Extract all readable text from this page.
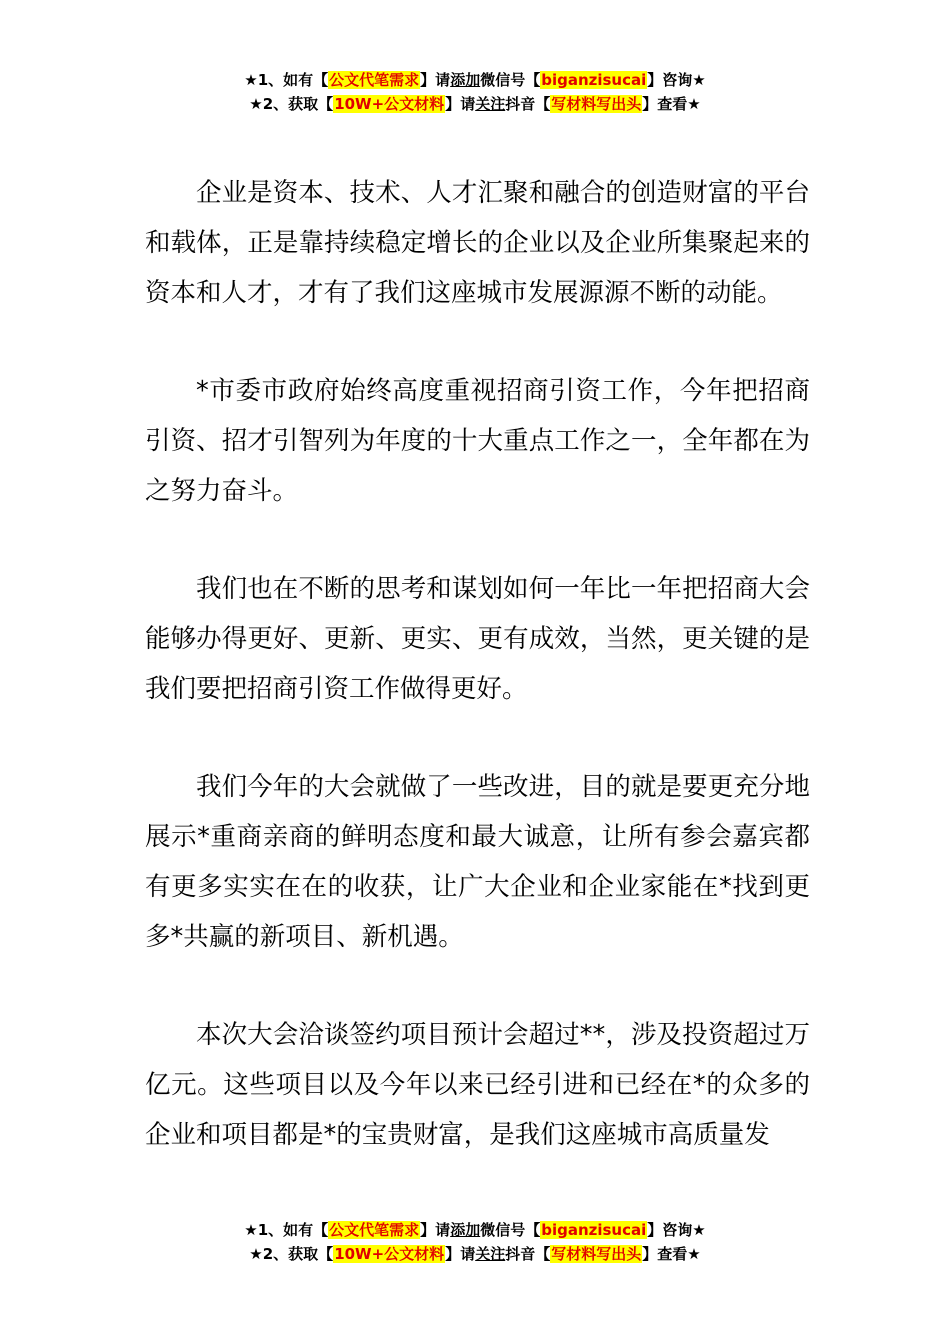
★1、如有【公文代笔需求】请添加微信号【biganzisucai】咨询★
★2、获取【10W+公文材料】请关注抖音【写材料写出头】查看★

企业是资本、技术、人才汇聚和融合的创造财富的平台和载体，正是靠持续稳定增长的企业以及企业所集聚起来的资本和人才，才有了我们这座城市发展源源不断的动能。

*市委市政府始终高度重视招商引资工作，今年把招商引资、招才引智列为年度的十大重点工作之一，全年都在为之努力奋斗。

我们也在不断的思考和谋划如何一年比一年把招商大会能够办得更好、更新、更实、更有成效，当然，更关键的是我们要把招商引资工作做得更好。

我们今年的大会就做了一些改进，目的就是要更充分地展示*重商亲商的鲜明态度和最大诚意，让所有参会嘉宾都有更多实实在在的收获，让广大企业和企业家能在*找到更多*共赢的新项目、新机遇。

本次大会洽谈签约项目预计会超过**，涉及投资超过万亿元。这些项目以及今年以来已经引进和已经在*的众多的企业和项目都是*的宝贵财富，是我们这座城市高质量发

★1、如有【公文代笔需求】请添加微信号【biganzisucai】咨询★
★2、获取【10W+公文材料】请关注抖音【写材料写出头】查看★
